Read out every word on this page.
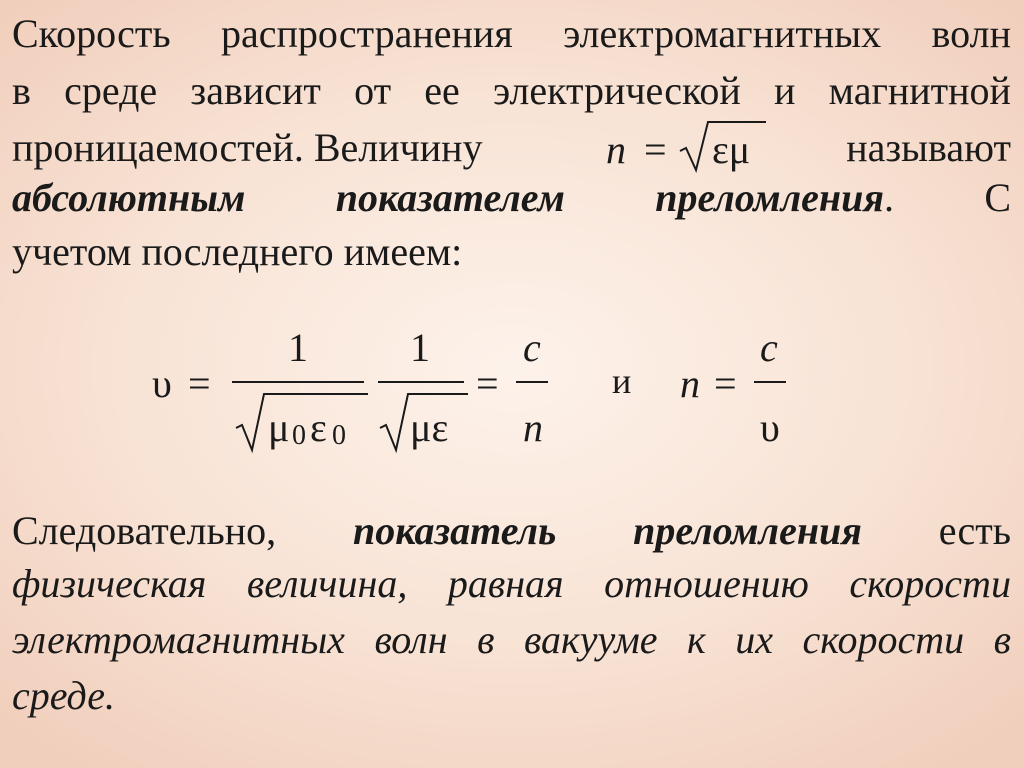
Скорость распространения электромагнитных волн
в среде зависит от ее электрической и магнитной
проницаемостей. Величину	называют
n = εμ
абсолютным показателем преломления. С
учетом последнего имеем:
υ =
1
μ 0 ε 0
1
με
=
c
n
и n =
c
υ
Следовательно, показатель преломления есть
физическая величина, равная отношению скорости
электромагнитных волн в вакууме к их скорости в
среде.
